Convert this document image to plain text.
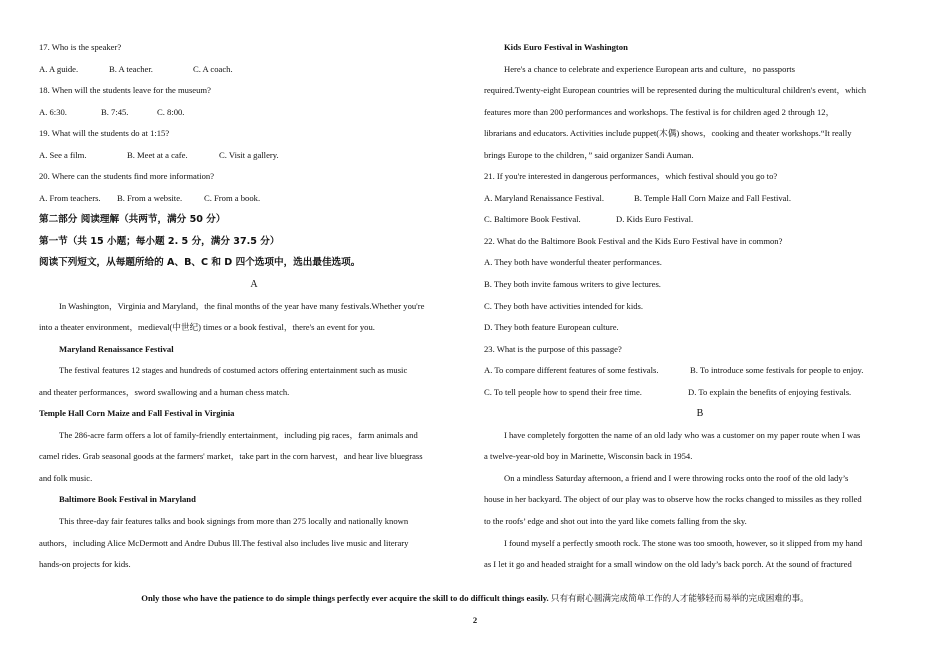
17. Who is the speaker?
A. A guide.	B. A teacher.	C. A coach.
18. When will the students leave for the museum?
A. 6:30.	B. 7:45.	C. 8:00.
19. What will the students do at 1:15?
A. See a film.	B. Meet at a cafe.	C. Visit a gallery.
20. Where can the students find more information?
A. From teachers. B. From a website.	C. From a book.
第二部分 阅读理解（共两节，满分 50 分）
第一节（共 15 小题；每小题 2. 5 分，满分 37.5 分）
阅读下列短文，从每题所给的 A、B、C 和 D 四个选项中，选出最佳选项。
A
In Washington，Virginia and Maryland，the final months of the year have many festivals.Whether you're
into a theater environment，medieval(中世纪) times or a book festival，there's an event for you.
Maryland Renaissance Festival
The festival features 12 stages and hundreds of costumed actors offering entertainment such as music
and theater performances，sword swallowing and a human chess match.
Temple Hall Corn Maize and Fall Festival in Virginia
The 286-acre farm offers a lot of family-friendly entertainment，including pig races，farm animals and
camel rides. Grab seasonal goods at the farmers' market，take part in the corn harvest，and hear live bluegrass
and folk music.
Baltimore Book Festival in Maryland
This three-day fair features talks and book signings from more than 275 locally and nationally known
authors，including Alice McDermott and Andre Dubus lll.The festival also includes live music and literary
hands-on projects for kids.
Kids Euro Festival in Washington
Here's a chance to celebrate and experience European arts and culture，no passports
required.Twenty-eight European countries will be represented during the multicultural children's event，which
features more than 200 performances and workshops. The festival is for children aged 2 through 12，
librarians and educators. Activities include puppet(木偶) shows，cooking and theater workshops.“It really
brings Europe to the children，” said organizer Sandi Auman.
21. If you're interested in dangerous performances，which festival should you go to?
A. Maryland Renaissance Festival.	B. Temple Hall Corn Maize and Fall Festival.
C. Baltimore Book Festival.	D. Kids Euro Festival.
22. What do the Baltimore Book Festival and the Kids Euro Festival have in common?
A. They both have wonderful theater performances.
B. They both invite famous writers to give lectures.
C. They both have activities intended for kids.
D. They both feature European culture.
23. What is the purpose of this passage?
A. To compare different features of some festivals.	B. To introduce some festivals for people to enjoy.
C. To tell people how to spend their free time.	D. To explain the benefits of enjoying festivals.
B
I have completely forgotten the name of an old lady who was a customer on my paper route when I was
a twelve-year-old boy in Marinette, Wisconsin back in 1954.
On a mindless Saturday afternoon, a friend and I were throwing rocks onto the roof of the old lady’s
house in her backyard. The object of our play was to observe how the rocks changed to missiles as they rolled
to the roofs’ edge and shot out into the yard like comets falling from the sky.
I found myself a perfectly smooth rock. The stone was too smooth, however, so it slipped from my hand
as I let it go and headed straight for a small window on the old lady’s back porch. At the sound of fractured
Only those who have the patience to do simple things perfectly ever acquire the skill to do difficult things easily. 只有有耐心圆满完成简单工作的人才能够轻而易举的完成困难的事。
2
